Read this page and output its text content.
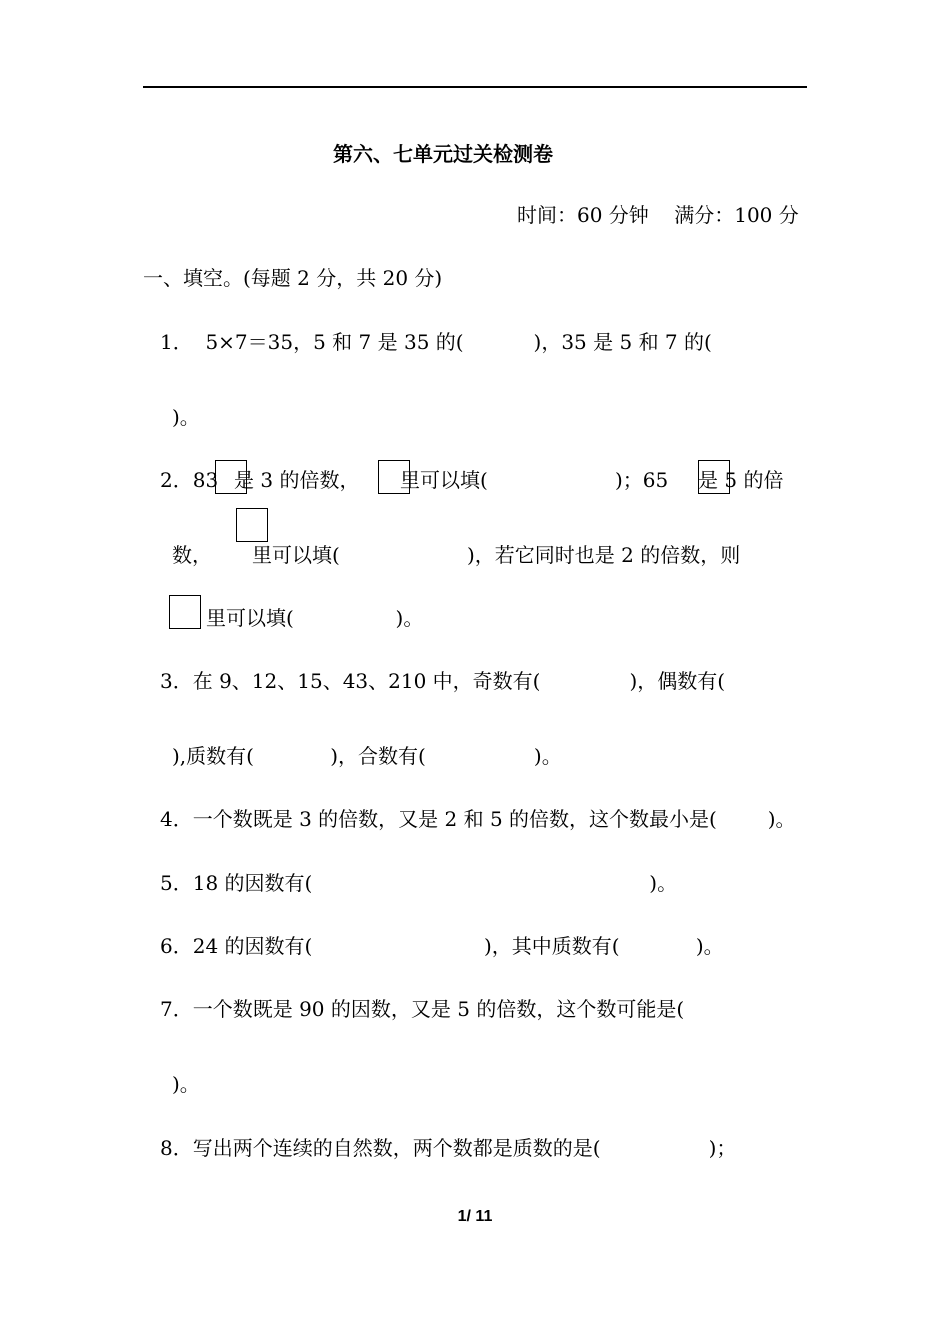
第六、七单元过关检测卷
时间：60 分钟    满分：100 分
一、填空。(每题 2 分，共 20 分)
1．  5×7＝35，5 和 7 是 35 的(           )，35 是 5 和 7 的(
)。
2．83 是 3 的倍数， 里可以填(                    )；65 是 5 的倍
数， 里可以填(                    )，若它同时也是 2 的倍数，则
里可以填(                )。
3．在 9、12、15、43、210 中，奇数有(              )，偶数有(
),质数有(            )，合数有(                 )。
4．一个数既是 3 的倍数，又是 2 和 5 的倍数，这个数最小是(        )。
5．18 的因数有(                                                     )。
6．24 的因数有(                           )，其中质数有(            )。
7．一个数既是 90 的因数，又是 5 的倍数，这个数可能是(
)。
8．写出两个连续的自然数，两个数都是质数的是(                 )；
1/ 11
